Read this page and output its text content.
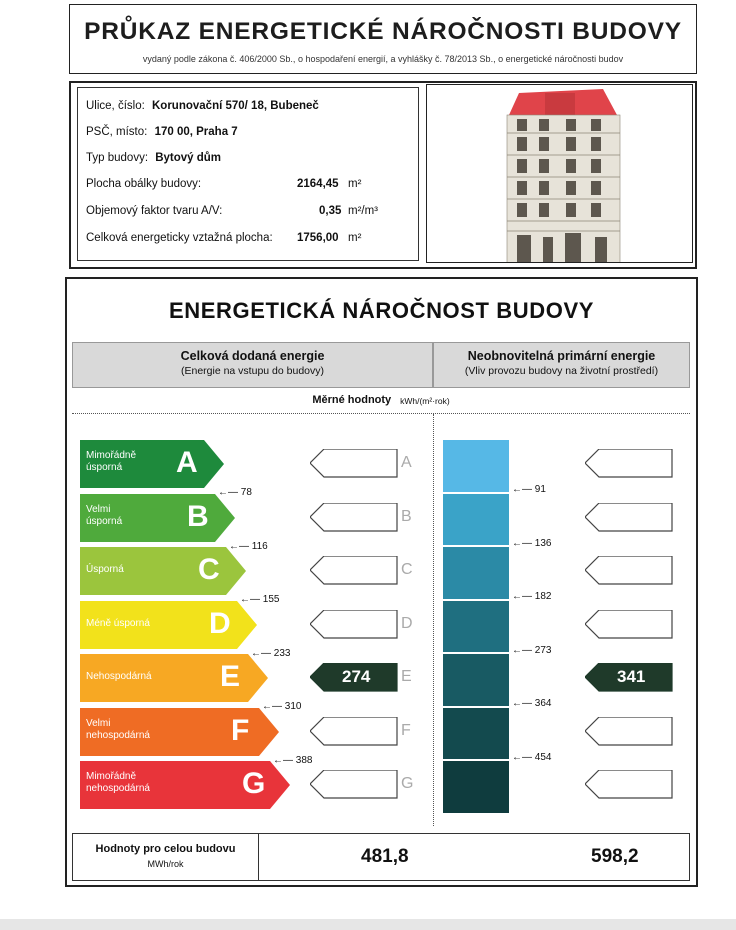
PRŮKAZ ENERGETICKÉ NÁROČNOSTI BUDOVY
vydaný podle zákona č. 406/2000 Sb., o hospodaření energií, a vyhlášky č. 78/2013 Sb., o energetické náročnosti budov
Ulice, číslo: Korunovační 570/ 18, Bubeneč
PSČ, místo: 170 00, Praha 7
Typ budovy: Bytový dům
Plocha obálky budovy:	2164,45 m²
Objemový faktor tvaru A/V:	0,35 m²/m³
Celková energeticky vztažná plocha: 1756,00 m²
ENERGETICKÁ NÁROČNOST BUDOVY
Celková dodaná energie
(Energie na vstupu do budovy)
Neobnovitelná primární energie
(Vliv provozu budovy na životní prostředí)
Měrné hodnoty $_{kWh/(m^2\cdot rok)}$
Mimořádně
úsporná	A
Velmi
úsporná B
Úsporná C
Méně úsporná D
Nehospodárná E
Velmi
nehospodárná	F
Mimořádně
nehospodárná	G
←— 78
←— 116
←— 155
←— 233
←— 310
←— 388
A
B
C
D
274 E	341
F
G
←— 91
←— 136
←— 182
←— 273
←— 364
←— 454
Hodnoty pro celou budovu
MWh/rok	481,8	598,2
